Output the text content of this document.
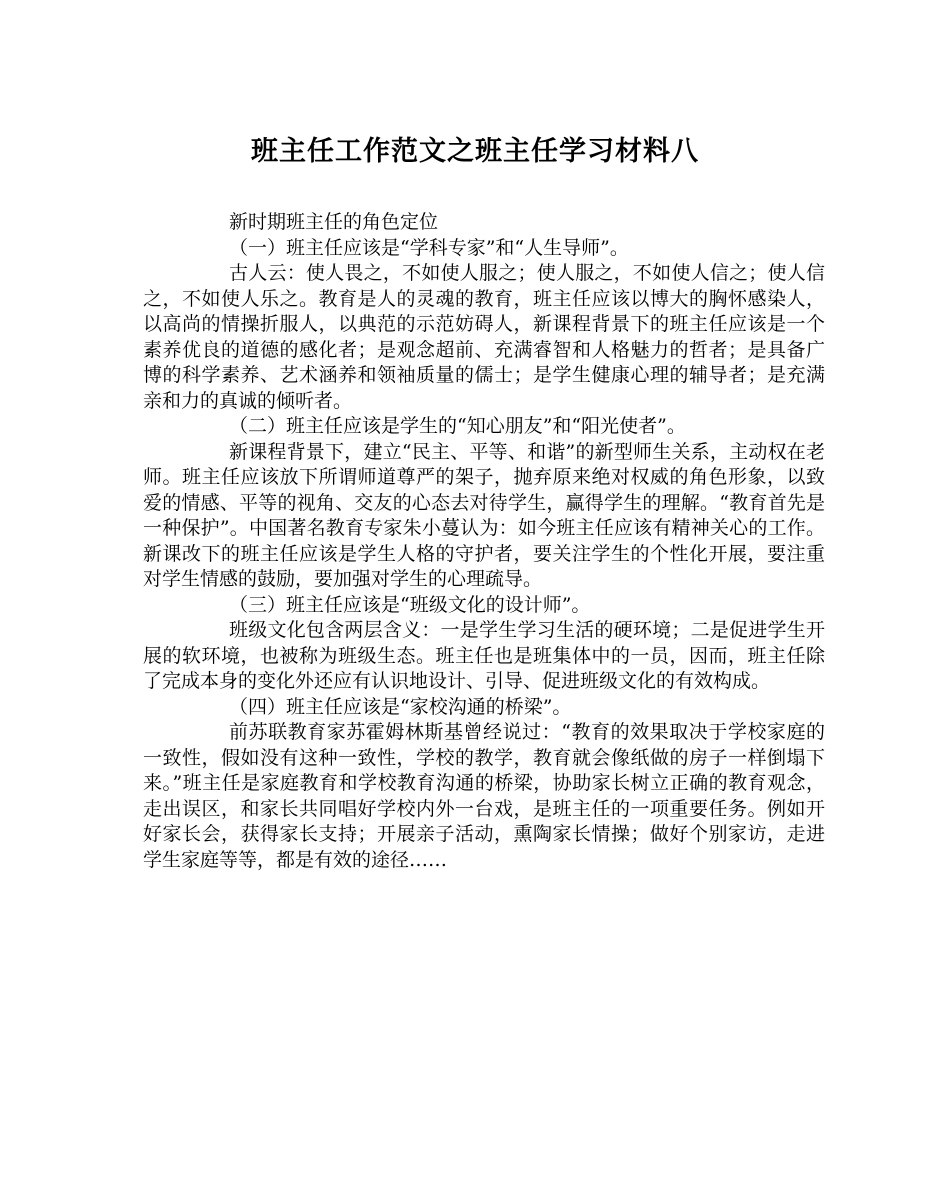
班主任工作范文之班主任学习材料八

新时期班主任的角色定位

（一）班主任应该是“学科专家”和“人生导师”。

古人云：使人畏之，不如使人服之；使人服之，不如使人信之；使人信之，不如使人乐之。教育是人的灵魂的教育，班主任应该以博大的胸怀感染人，以高尚的情操折服人，以典范的示范妨碍人，新课程背景下的班主任应该是一个素养优良的道德的感化者；是观念超前、充满睿智和人格魅力的哲者；是具备广博的科学素养、艺术涵养和领袖质量的儒士；是学生健康心理的辅导者；是充满亲和力的真诚的倾听者。

（二）班主任应该是学生的“知心朋友”和“阳光使者”。

新课程背景下，建立“民主、平等、和谐”的新型师生关系，主动权在老师。班主任应该放下所谓师道尊严的架子，抛弃原来绝对权威的角色形象，以致爱的情感、平等的视角、交友的心态去对待学生，赢得学生的理解。“教育首先是一种保护”。中国著名教育专家朱小蔓认为：如今班主任应该有精神关心的工作。新课改下的班主任应该是学生人格的守护者，要关注学生的个性化开展，要注重对学生情感的鼓励，要加强对学生的心理疏导。

（三）班主任应该是“班级文化的设计师”。

班级文化包含两层含义：一是学生学习生活的硬环境；二是促进学生开展的软环境，也被称为班级生态。班主任也是班集体中的一员，因而，班主任除了完成本身的变化外还应有认识地设计、引导、促进班级文化的有效构成。

（四）班主任应该是“家校沟通的桥梁”。

前苏联教育家苏霍姆林斯基曾经说过：“教育的效果取决于学校家庭的一致性，假如没有这种一致性，学校的教学，教育就会像纸做的房子一样倒塌下来。”班主任是家庭教育和学校教育沟通的桥梁，协助家长树立正确的教育观念，走出误区，和家长共同唱好学校内外一台戏，是班主任的一项重要任务。例如开好家长会，获得家长支持；开展亲子活动，熏陶家长情操；做好个别家访，走进学生家庭等等，都是有效的途径……
